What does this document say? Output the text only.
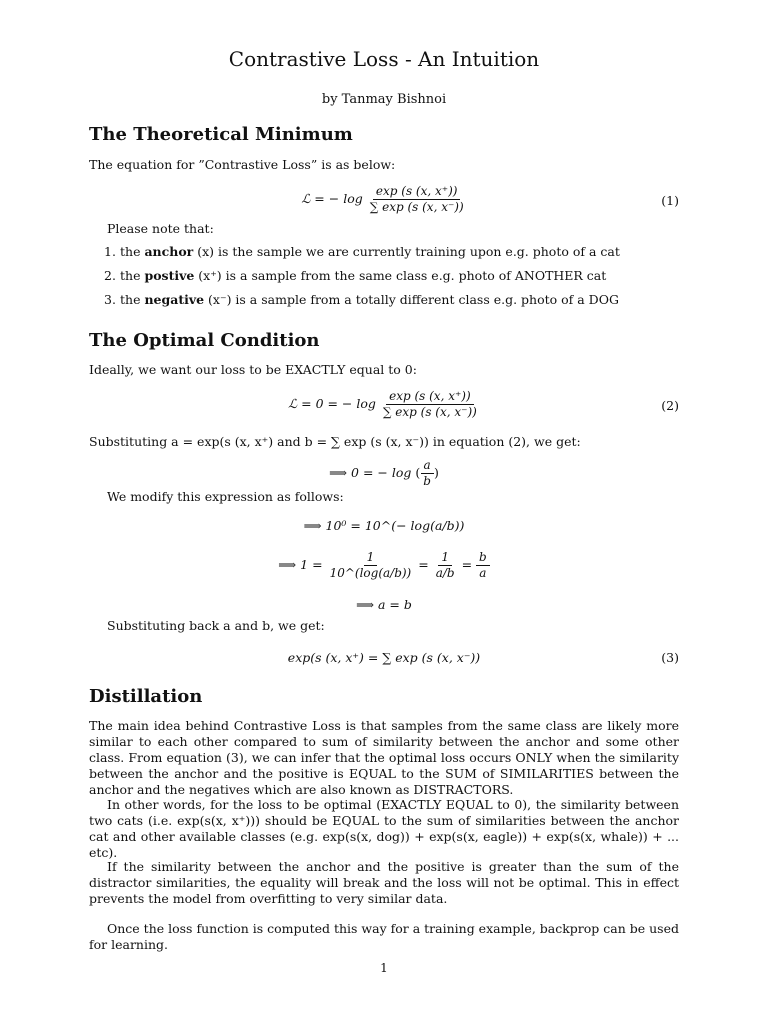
Contrastive Loss - An Intuition
by Tanmay Bishnoi
The Theoretical Minimum
The equation for ”Contrastive Loss” is as below:
ℒ = − $\log \frac{\exp (s (x, x^+))}{\sum \exp (s (x, x^-))}$	(1)
Please note that:
1. the anchor (x) is the sample we are currently training upon e.g. photo of a cat
2. the postive (x⁺) is a sample from the same class e.g. photo of ANOTHER cat
3. the negative (x⁻) is a sample from a totally different class e.g. photo of a DOG
The Optimal Condition
Ideally, we want our loss to be EXACTLY equal to 0:
ℒ = 0 = − $\log \frac{\exp (s (x, x^+))}{\sum \exp (s (x, x^-))}$	(2)
Substituting a = exp(s (x, x⁺) and b = ∑ exp (s (x, x⁻)) in equation (2), we get:
⟹ 0 = − log ( $\frac{a}{b}$ )
We modify this expression as follows:
⟹ 10⁰ = 10^(− log(a/b))
⟹ $1 = \frac{1}{10\^{}(\log(a/b))} = \frac{1}{a/b} = \frac{b}{a}$
⟹ a = b
Substituting back a and b, we get:
exp(s (x, x⁺) = ∑ exp (s (x, x⁻))	(3)
Distillation
The main idea behind Contrastive Loss is that samples from the same class are likely more similar to each other compared to sum of similarity between the anchor and some other class. From equation (3), we can infer that the optimal loss occurs ONLY when the similarity between the anchor and the positive is EQUAL to the SUM of SIMILARITIES between the anchor and the negatives which are also known as DISTRACTORS.
In other words, for the loss to be optimal (EXACTLY EQUAL to 0), the similarity between two cats (i.e. exp(s(x, x⁺))) should be EQUAL to the sum of similarities between the anchor cat and other available classes (e.g. exp(s(x, dog)) + exp(s(x, eagle)) + exp(s(x, whale)) + ... etc).
If the similarity between the anchor and the positive is greater than the sum of the distractor similarities, the equality will break and the loss will not be optimal. This in effect prevents the model from overfitting to very similar data.
Once the loss function is computed this way for a training example, backprop can be used for learning.
1
